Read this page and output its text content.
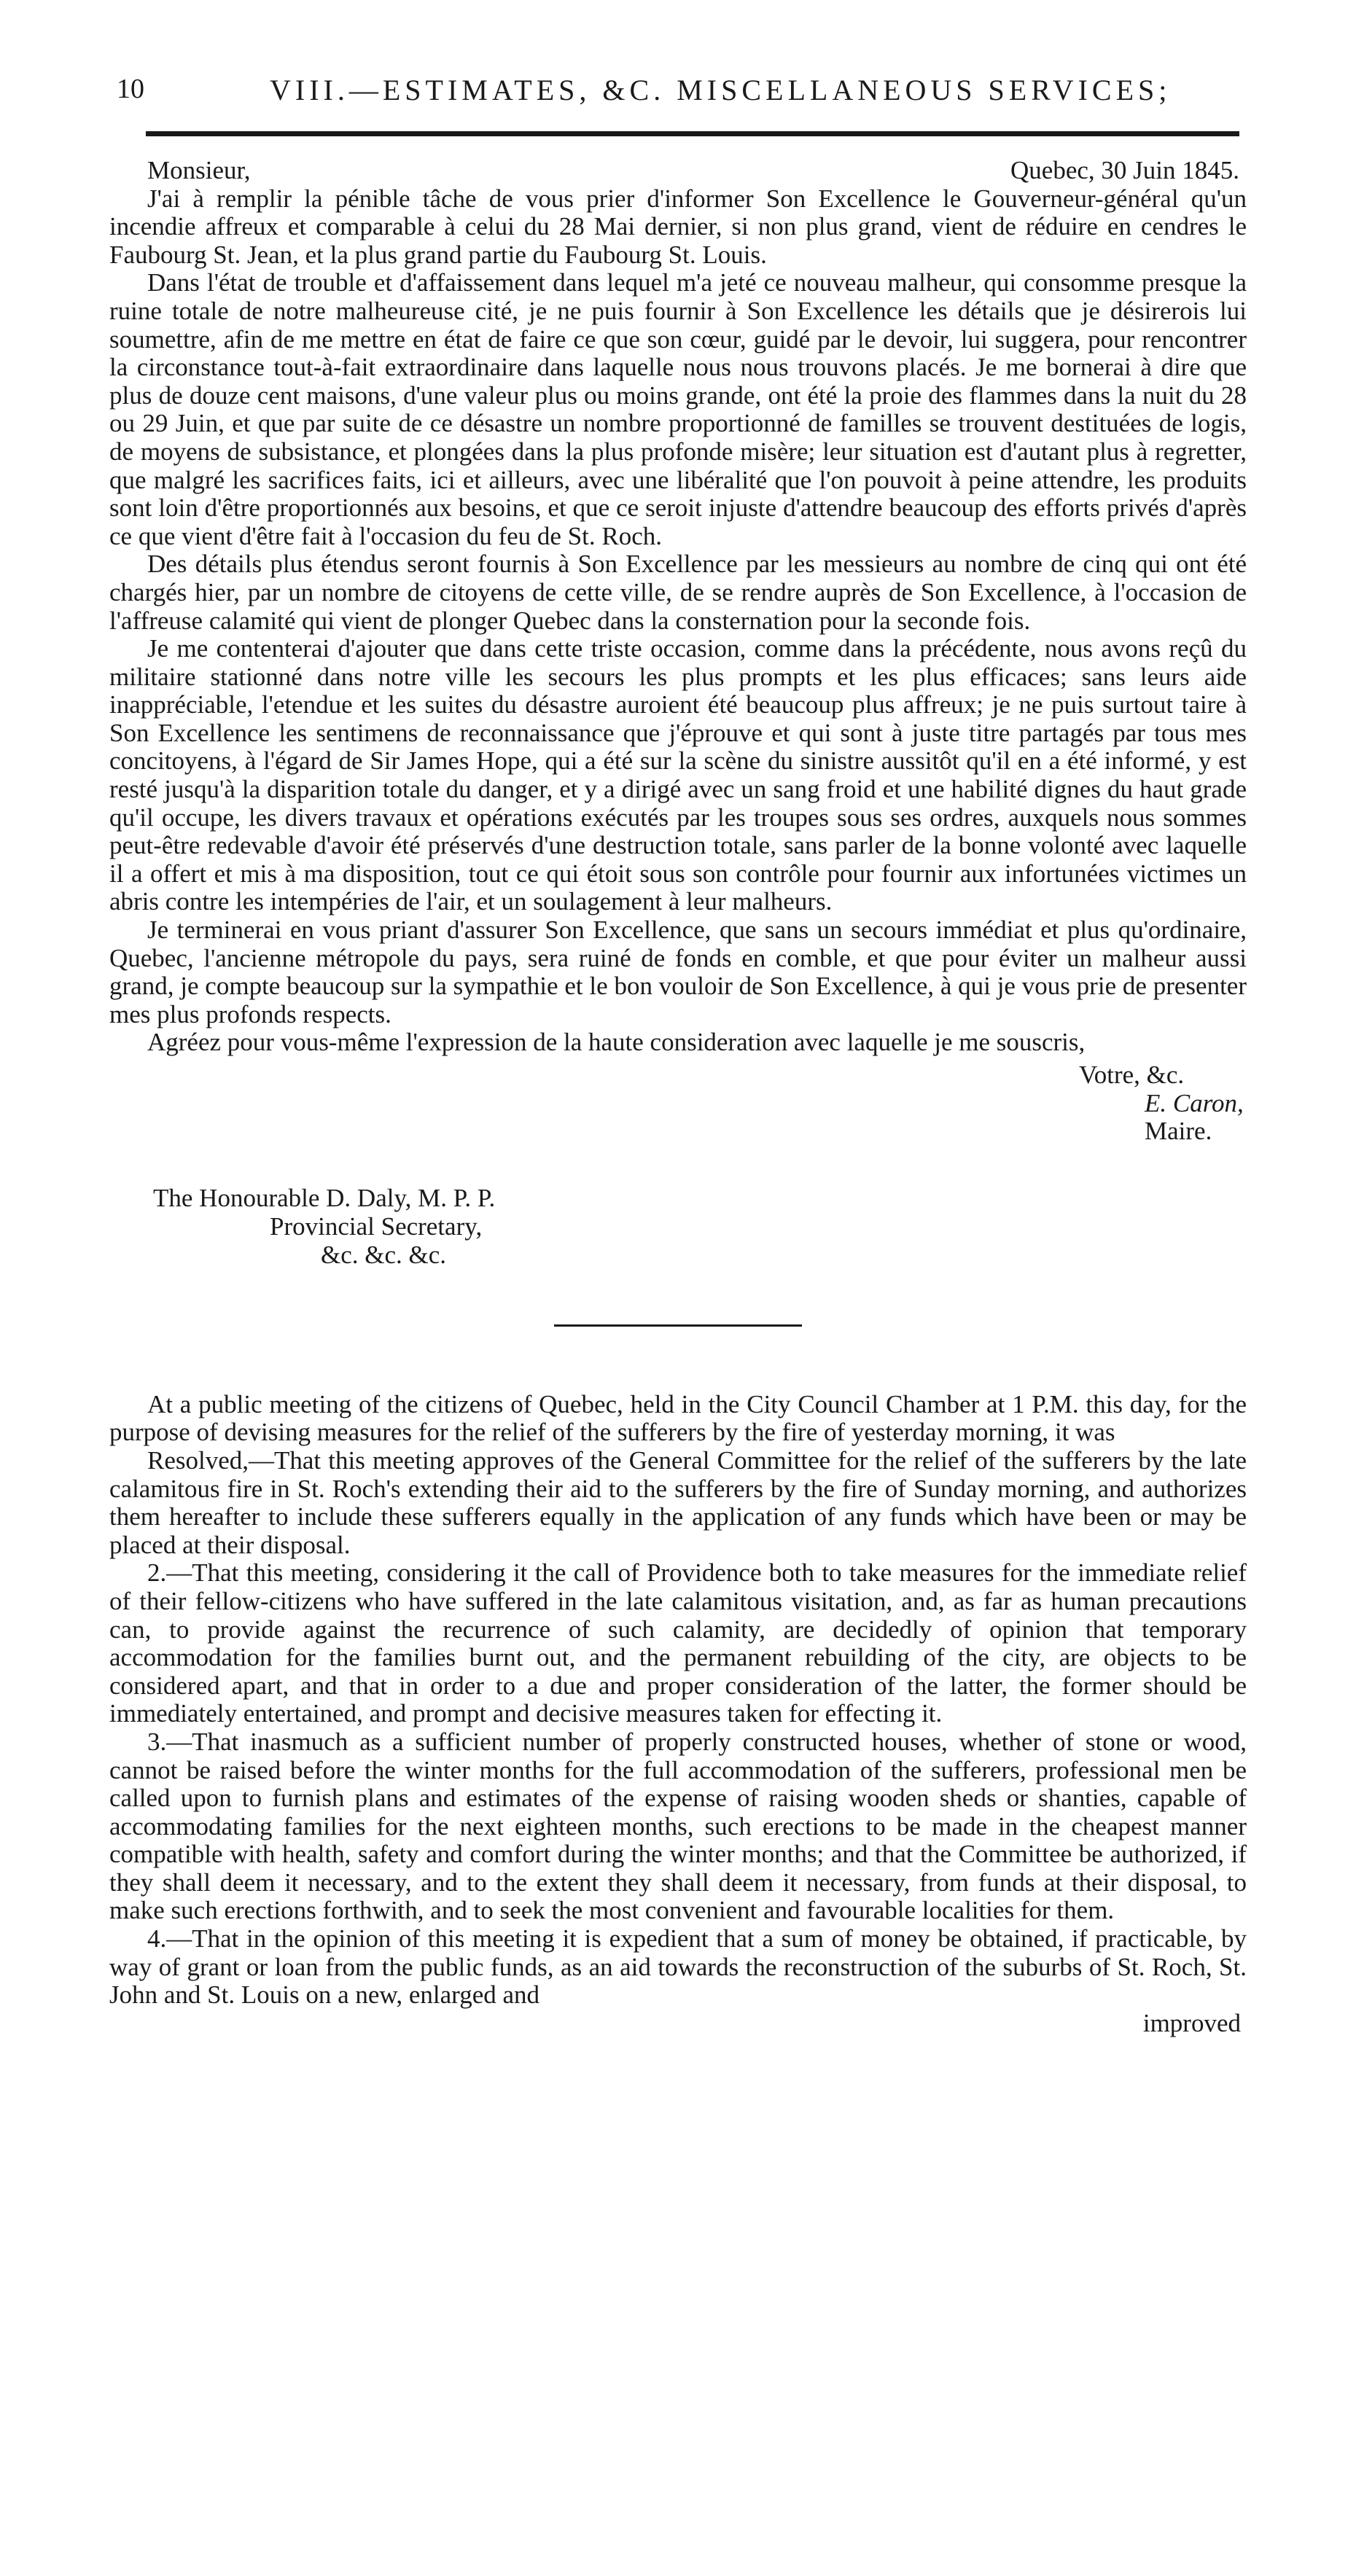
10	VIII.—ESTIMATES, &C. MISCELLANEOUS SERVICES;
Monsieur,	Quebec, 30 Juin 1845.

J'ai à remplir la pénible tâche de vous prier d'informer Son Excellence le Gouverneur-général qu'un incendie affreux et comparable à celui du 28 Mai dernier, si non plus grand, vient de réduire en cendres le Faubourg St. Jean, et la plus grand partie du Faubourg St. Louis.

Dans l'état de trouble et d'affaissement dans lequel m'a jeté ce nouveau malheur, qui consomme presque la ruine totale de notre malheureuse cité, je ne puis fournir à Son Excellence les détails que je désirerois lui soumettre, afin de me mettre en état de faire ce que son cœur, guidé par le devoir, lui suggera, pour rencontrer la circonstance tout-à-fait extraordinaire dans laquelle nous nous trouvons placés. Je me bornerai à dire que plus de douze cent maisons, d'une valeur plus ou moins grande, ont été la proie des flammes dans la nuit du 28 ou 29 Juin, et que par suite de ce désastre un nombre proportionné de familles se trouvent destituées de logis, de moyens de subsistance, et plongées dans la plus profonde misère; leur situation est d'autant plus à regretter, que malgré les sacrifices faits, ici et ailleurs, avec une libéralité que l'on pouvoit à peine attendre, les produits sont loin d'être proportionnés aux besoins, et que ce seroit injuste d'attendre beaucoup des efforts privés d'après ce que vient d'être fait à l'occasion du feu de St. Roch.

Des détails plus étendus seront fournis à Son Excellence par les messieurs au nombre de cinq qui ont été chargés hier, par un nombre de citoyens de cette ville, de se rendre auprès de Son Excellence, à l'occasion de l'affreuse calamité qui vient de plonger Quebec dans la consternation pour la seconde fois.

Je me contenterai d'ajouter que dans cette triste occasion, comme dans la précédente, nous avons reçû du militaire stationné dans notre ville les secours les plus prompts et les plus efficaces; sans leurs aide inappréciable, l'etendue et les suites du désastre auroient été beaucoup plus affreux; je ne puis surtout taire à Son Excellence les sentimens de reconnaissance que j'éprouve et qui sont à juste titre partagés par tous mes concitoyens, à l'égard de Sir James Hope, qui a été sur la scène du sinistre aussitôt qu'il en a été informé, y est resté jusqu'à la disparition totale du danger, et y a dirigé avec un sang froid et une habilité dignes du haut grade qu'il occupe, les divers travaux et opérations exécutés par les troupes sous ses ordres, auxquels nous sommes peut-être redevable d'avoir été préservés d'une destruction totale, sans parler de la bonne volonté avec laquelle il a offert et mis à ma disposition, tout ce qui étoit sous son contrôle pour fournir aux infortunées victimes un abris contre les intempéries de l'air, et un soulagement à leur malheurs.

Je terminerai en vous priant d'assurer Son Excellence, que sans un secours immédiat et plus qu'ordinaire, Quebec, l'ancienne métropole du pays, sera ruiné de fonds en comble, et que pour éviter un malheur aussi grand, je compte beaucoup sur la sympathie et le bon vouloir de Son Excellence, à qui je vous prie de presenter mes plus profonds respects.

Agréez pour vous-même l'expression de la haute consideration avec laquelle je me souscris,

Votre, &c.

E. Caron, Maire.

The Honourable D. Daly, M. P. P.

Provincial Secretary,

&c. &c. &c.

At a public meeting of the citizens of Quebec, held in the City Council Chamber at 1 P.M. this day, for the purpose of devising measures for the relief of the sufferers by the fire of yesterday morning, it was

Resolved,—That this meeting approves of the General Committee for the relief of the sufferers by the late calamitous fire in St. Roch's extending their aid to the sufferers by the fire of Sunday morning, and authorizes them hereafter to include these sufferers equally in the application of any funds which have been or may be placed at their disposal.

2.—That this meeting, considering it the call of Providence both to take measures for the immediate relief of their fellow-citizens who have suffered in the late calamitous visitation, and, as far as human precautions can, to provide against the recurrence of such calamity, are decidedly of opinion that temporary accommodation for the families burnt out, and the permanent rebuilding of the city, are objects to be considered apart, and that in order to a due and proper consideration of the latter, the former should be immediately entertained, and prompt and decisive measures taken for effecting it.

3.—That inasmuch as a sufficient number of properly constructed houses, whether of stone or wood, cannot be raised before the winter months for the full accommodation of the sufferers, professional men be called upon to furnish plans and estimates of the expense of raising wooden sheds or shanties, capable of accommodating families for the next eighteen months, such erections to be made in the cheapest manner compatible with health, safety and comfort during the winter months; and that the Committee be authorized, if they shall deem it necessary, and to the extent they shall deem it necessary, from funds at their disposal, to make such erections forthwith, and to seek the most convenient and favourable localities for them.

4.—That in the opinion of this meeting it is expedient that a sum of money be obtained, if practicable, by way of grant or loan from the public funds, as an aid towards the reconstruction of the suburbs of St. Roch, St. John and St. Louis on a new, enlarged and

improved
